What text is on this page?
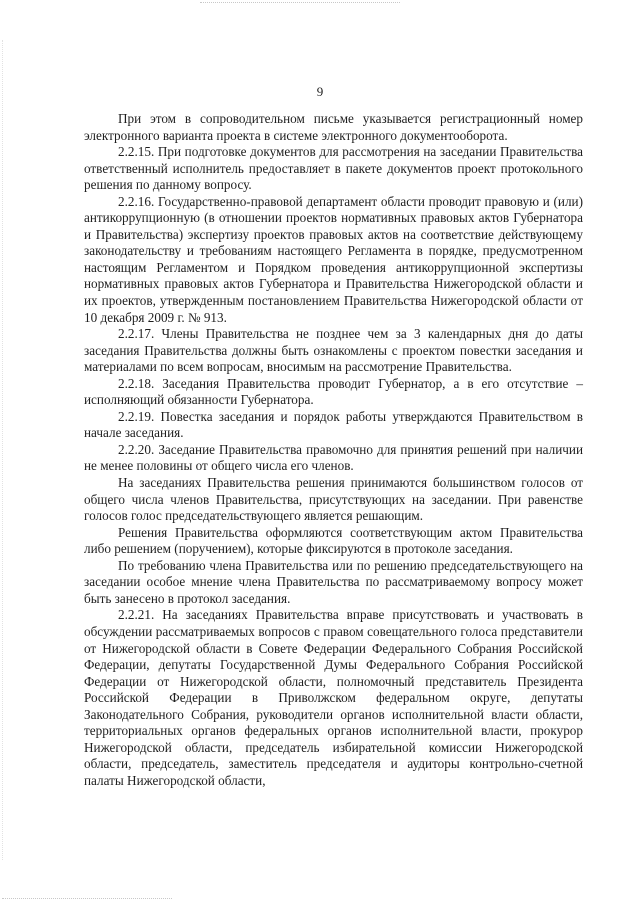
9

При этом в сопроводительном письме указывается регистрационный номер электронного варианта проекта в системе электронного документооборота.

2.2.15. При подготовке документов для рассмотрения на заседании Правительства ответственный исполнитель предоставляет в пакете документов проект протокольного решения по данному вопросу.

2.2.16. Государственно-правовой департамент области проводит правовую и (или) антикоррупционную (в отношении проектов нормативных правовых актов Губернатора и Правительства) экспертизу проектов правовых актов на соответствие действующему законодательству и требованиям настоящего Регламента в порядке, предусмотренном настоящим Регламентом и Порядком проведения антикоррупционной экспертизы нормативных правовых актов Губернатора и Правительства Нижегородской области и их проектов, утвержденным постановлением Правительства Нижегородской области от 10 декабря 2009 г. № 913.

2.2.17. Члены Правительства не позднее чем за 3 календарных дня до даты заседания Правительства должны быть ознакомлены с проектом повестки заседания и материалами по всем вопросам, вносимым на рассмотрение Правительства.

2.2.18. Заседания Правительства проводит Губернатор, а в его отсутствие – исполняющий обязанности Губернатора.

2.2.19. Повестка заседания и порядок работы утверждаются Правительством в начале заседания.

2.2.20. Заседание Правительства правомочно для принятия решений при наличии не менее половины от общего числа его членов.

На заседаниях Правительства решения принимаются большинством голосов от общего числа членов Правительства, присутствующих на заседании. При равенстве голосов голос председательствующего является решающим.

Решения Правительства оформляются соответствующим актом Правительства либо решением (поручением), которые фиксируются в протоколе заседания.

По требованию члена Правительства или по решению председательствующего на заседании особое мнение члена Правительства по рассматриваемому вопросу может быть занесено в протокол заседания.

2.2.21. На заседаниях Правительства вправе присутствовать и участвовать в обсуждении рассматриваемых вопросов с правом совещательного голоса представители от Нижегородской области в Совете Федерации Федерального Собрания Российской Федерации, депутаты Государственной Думы Федерального Собрания Российской Федерации от Нижегородской области, полномочный представитель Президента Российской Федерации в Приволжском федеральном округе, депутаты Законодательного Собрания, руководители органов исполнительной власти области, территориальных органов федеральных органов исполнительной власти, прокурор Нижегородской области, председатель избирательной комиссии Нижегородской области, председатель, заместитель председателя и аудиторы контрольно-счетной палаты Нижегородской области,
